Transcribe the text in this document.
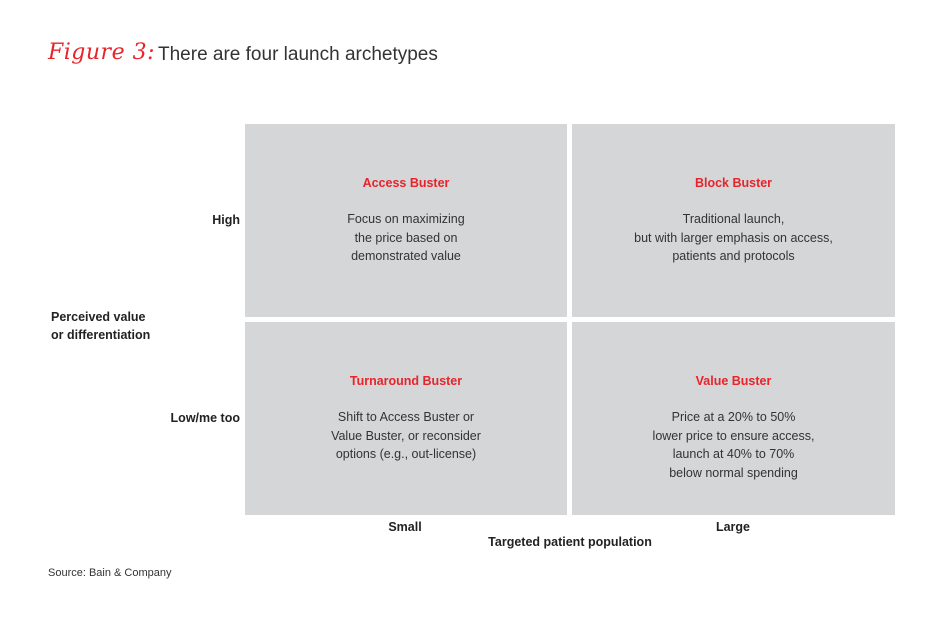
Figure 3: There are four launch archetypes
Access Buster
Focus on maximizing
the price based on
demonstrated value
Block Buster
Traditional launch,
but with larger emphasis on access,
patients and protocols
Turnaround Buster
Shift to Access Buster or
Value Buster, or reconsider
options (e.g., out-license)
Value Buster
Price at a 20% to 50%
lower price to ensure access,
launch at 40% to 70%
below normal spending
High
Low/me too
Perceived value
or differentiation
Small	Large
Targeted patient population
Source: Bain & Company
